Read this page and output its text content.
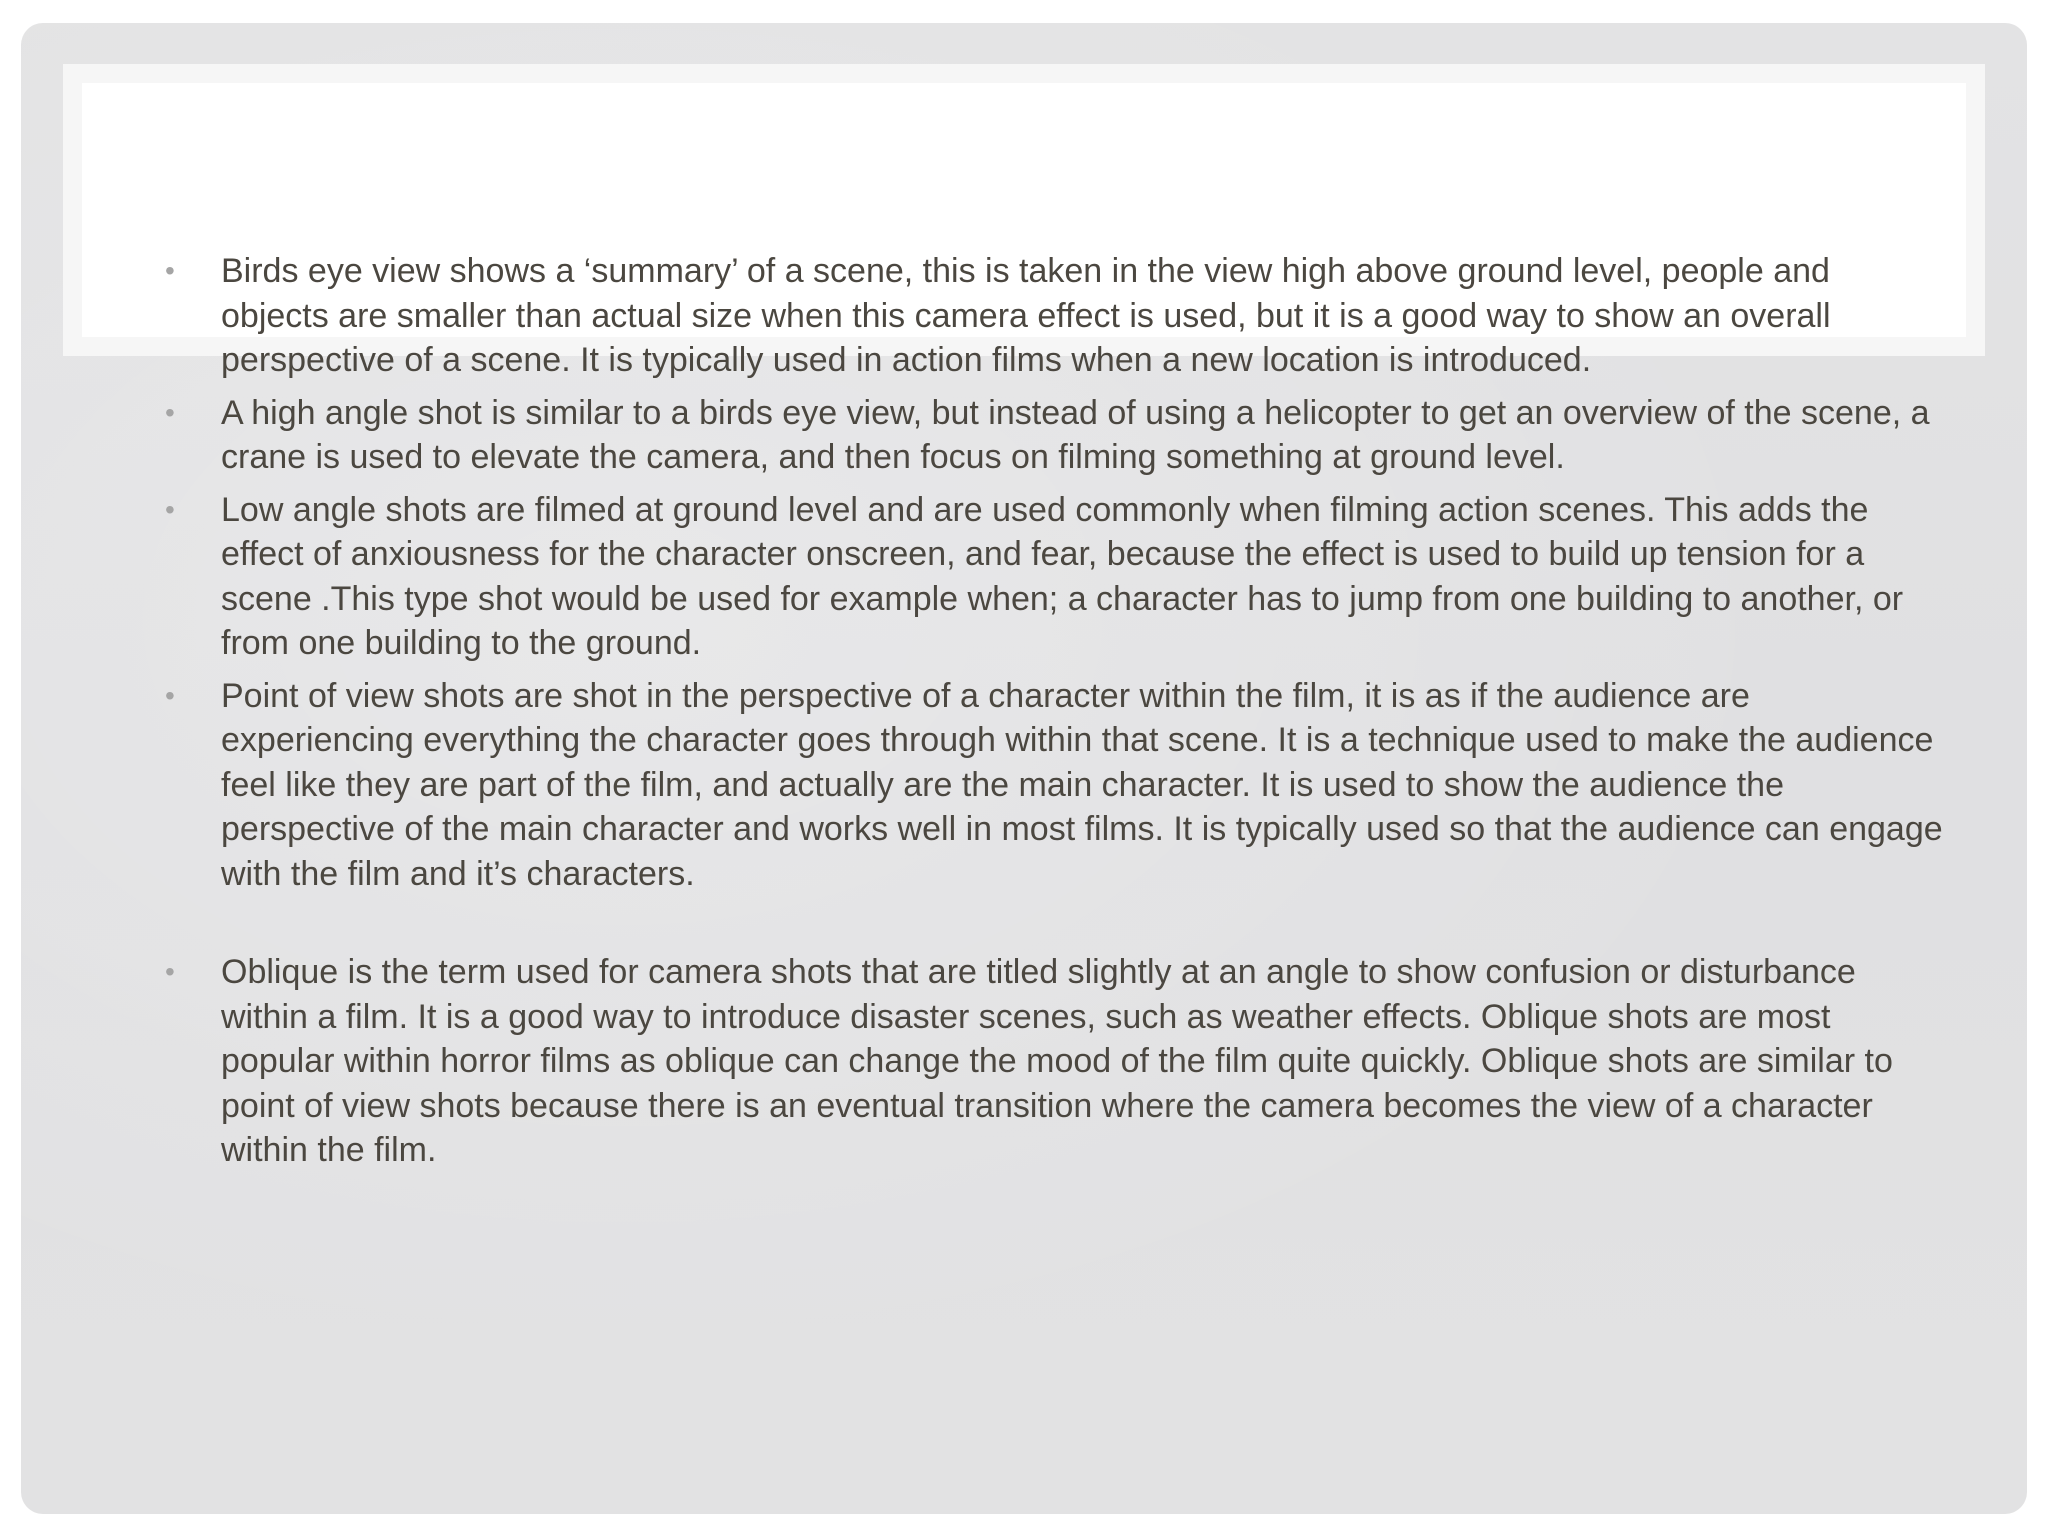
• Birds eye view shows a ‘summary’ of a scene, this is taken in the view high above ground level, people and objects are smaller than actual size when this camera effect is used, but it is a good way to show an overall perspective of a scene. It is typically used in action films when a new location is introduced.
• A high angle shot is similar to a birds eye view, but instead of using a helicopter to get an overview of the scene, a crane is used to elevate the camera, and then focus on filming something at ground level.
• Low angle shots are filmed at ground level and are used commonly when filming action scenes. This adds the effect of anxiousness for the character onscreen, and fear, because the effect is used to build up tension for a scene .This type shot would be used for example when; a character has to jump from one building to another, or from one building to the ground.
• Point of view shots are shot in the perspective of a character within the film, it is as if the audience are experiencing everything the character goes through within that scene. It is a technique used to make the audience feel like they are part of the film, and actually are the main character. It is used to show the audience the perspective of the main character and works well in most films. It is typically used so that the audience can engage with the film and it’s characters.
• Oblique is the term used for camera shots that are titled slightly at an angle to show confusion or disturbance within a film. It is a good way to introduce disaster scenes, such as weather effects. Oblique shots are most popular within horror films as oblique can change the mood of the film quite quickly. Oblique shots are similar to point of view shots because there is an eventual transition where the camera becomes the view of a character within the film.
